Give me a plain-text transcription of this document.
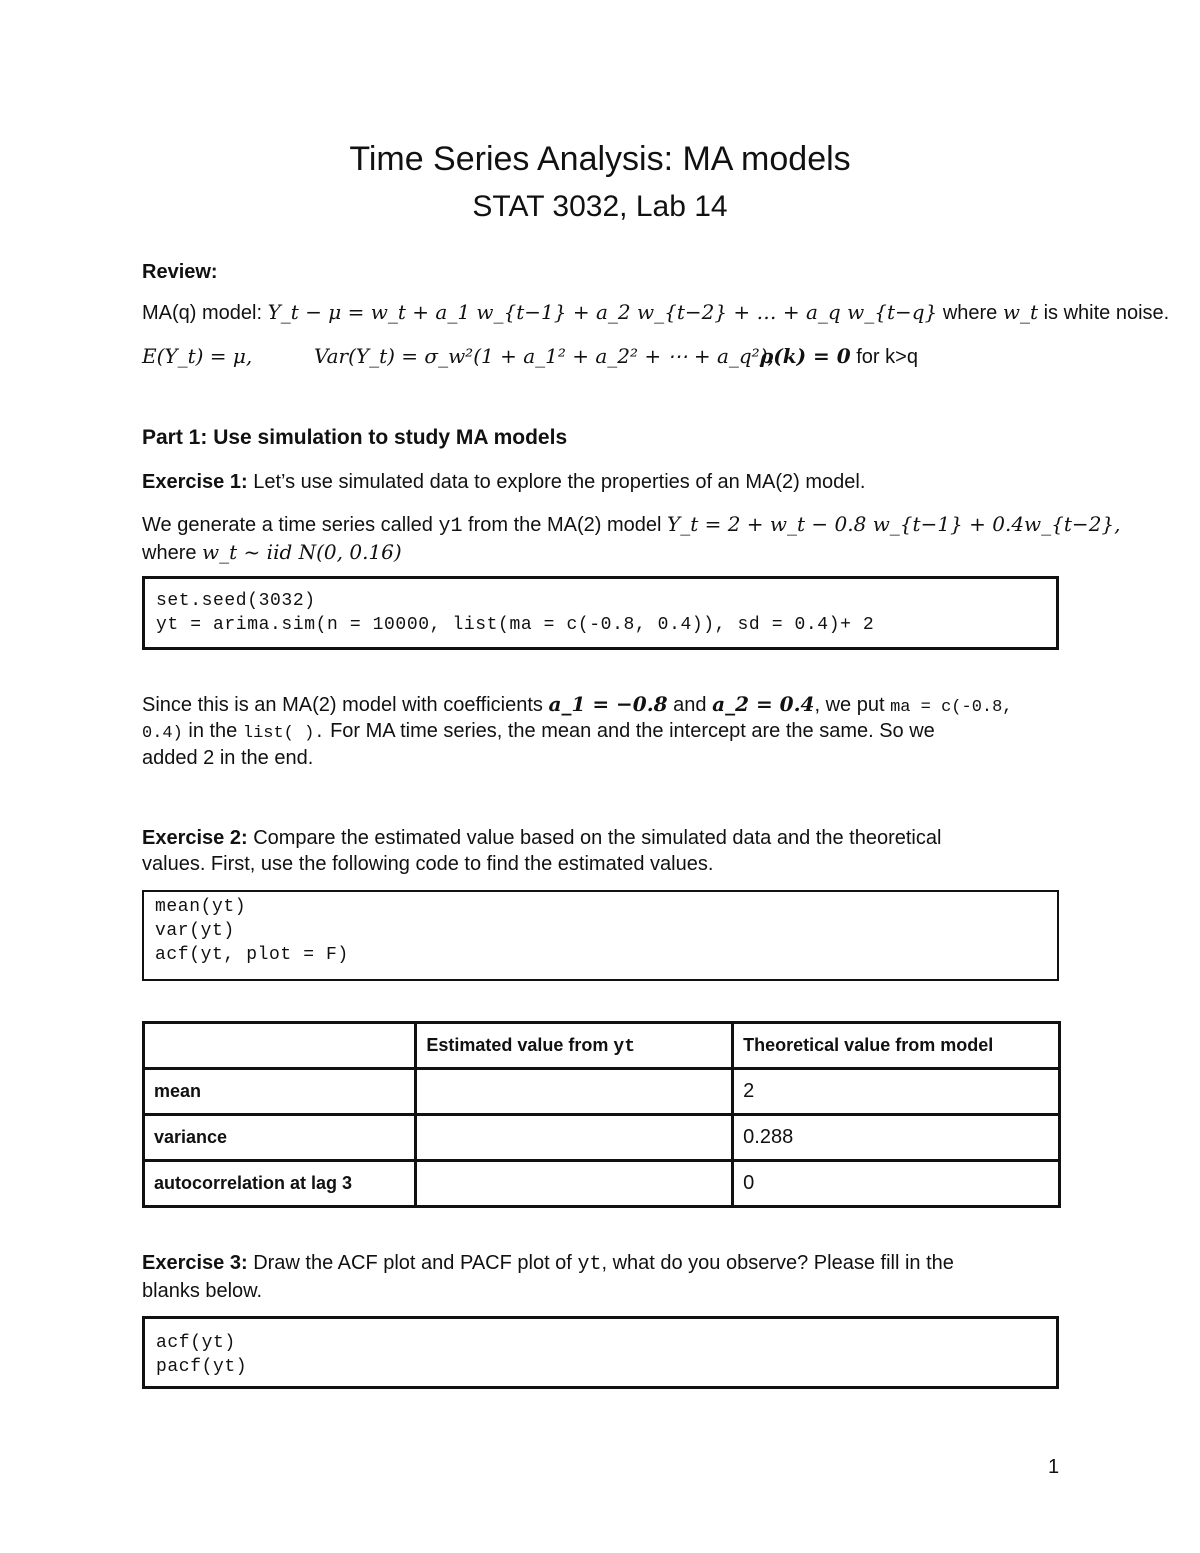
Time Series Analysis: MA models
STAT 3032, Lab 14
Review:
MA(q) model: Y_t − μ = w_t + a_1 w_{t−1} + a_2 w_{t−2} + … + a_q w_{t−q} where w_t is white noise.
E(Y_t) = μ,	Var(Y_t) = σ_w²(1 + a_1² + a_2² + ⋯ + a_q²),
ρ(k) = 0 for k>q
Part 1: Use simulation to study MA models
Exercise 1: Let’s use simulated data to explore the properties of an MA(2) model.
We generate a time series called y1 from the MA(2) model Y_t = 2 + w_t − 0.8 w_{t−1} + 0.4w_{t−2},
where w_t ~ iid N(0, 0.16)
set.seed(3032)
yt = arima.sim(n = 10000, list(ma = c(-0.8, 0.4)), sd = 0.4)+ 2
Since this is an MA(2) model with coefficients a_1 = −0.8 and a_2 = 0.4, we put ma = c(-0.8,
0.4) in the list( ). For MA time series, the mean and the intercept are the same. So we
added 2 in the end.
Exercise 2: Compare the estimated value based on the simulated data and the theoretical
values. First, use the following code to find the estimated values.
mean(yt)
var(yt)
acf(yt, plot = F)
	Estimated value from yt	Theoretical value from model
mean		2
variance		0.288
autocorrelation at lag 3		0
Exercise 3: Draw the ACF plot and PACF plot of yt, what do you observe? Please fill in the
blanks below.
acf(yt)
pacf(yt)
1
